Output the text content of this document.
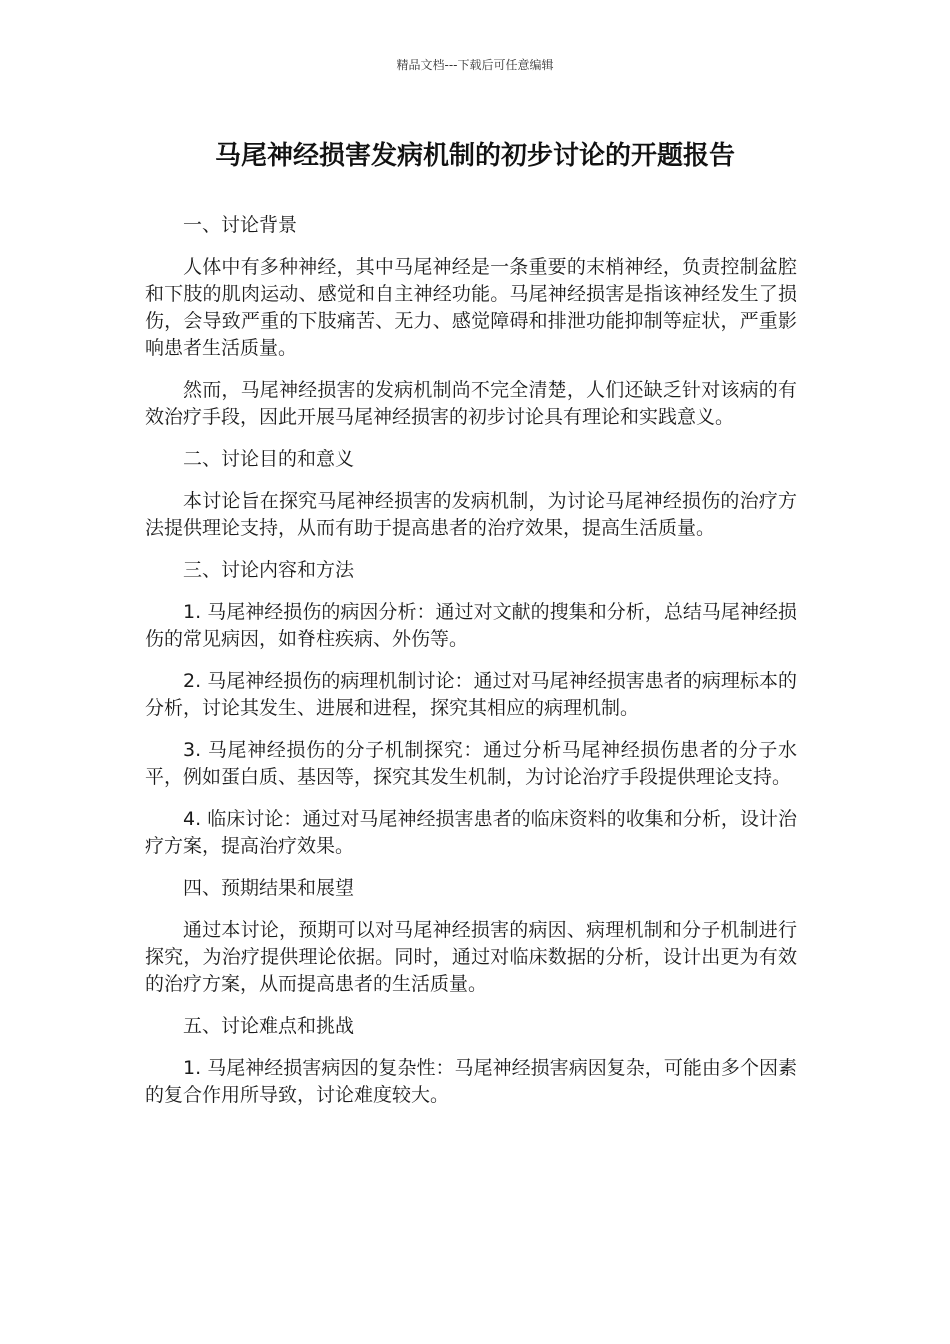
精品文档---下载后可任意编辑
马尾神经损害发病机制的初步讨论的开题报告

一、讨论背景

人体中有多种神经，其中马尾神经是一条重要的末梢神经，负责控制盆腔和下肢的肌肉运动、感觉和自主神经功能。马尾神经损害是指该神经发生了损伤，会导致严重的下肢痛苦、无力、感觉障碍和排泄功能抑制等症状，严重影响患者生活质量。

然而，马尾神经损害的发病机制尚不完全清楚，人们还缺乏针对该病的有效治疗手段，因此开展马尾神经损害的初步讨论具有理论和实践意义。

二、讨论目的和意义

本讨论旨在探究马尾神经损害的发病机制，为讨论马尾神经损伤的治疗方法提供理论支持，从而有助于提高患者的治疗效果，提高生活质量。

三、讨论内容和方法

1. 马尾神经损伤的病因分析：通过对文献的搜集和分析，总结马尾神经损伤的常见病因，如脊柱疾病、外伤等。

2. 马尾神经损伤的病理机制讨论：通过对马尾神经损害患者的病理标本的分析，讨论其发生、进展和进程，探究其相应的病理机制。

3. 马尾神经损伤的分子机制探究：通过分析马尾神经损伤患者的分子水平，例如蛋白质、基因等，探究其发生机制，为讨论治疗手段提供理论支持。

4. 临床讨论：通过对马尾神经损害患者的临床资料的收集和分析，设计治疗方案，提高治疗效果。

四、预期结果和展望

通过本讨论，预期可以对马尾神经损害的病因、病理机制和分子机制进行探究，为治疗提供理论依据。同时，通过对临床数据的分析，设计出更为有效的治疗方案，从而提高患者的生活质量。

五、讨论难点和挑战

1. 马尾神经损害病因的复杂性：马尾神经损害病因复杂，可能由多个因素的复合作用所导致，讨论难度较大。
